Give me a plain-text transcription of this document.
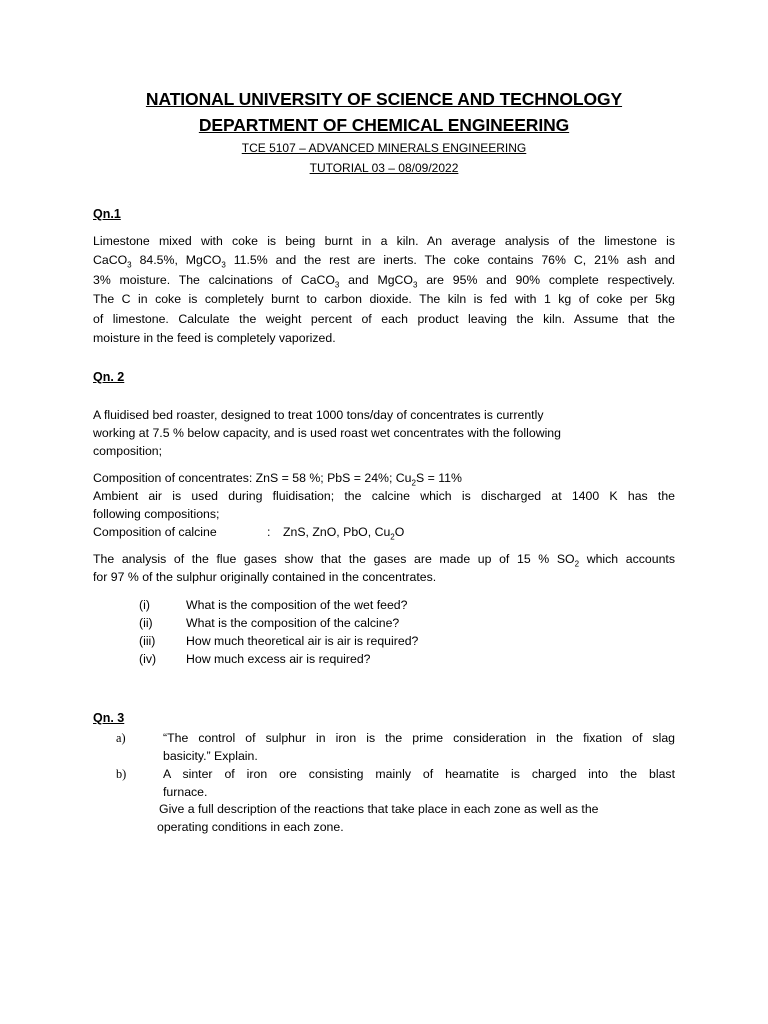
NATIONAL UNIVERSITY OF SCIENCE AND TECHNOLOGY
DEPARTMENT OF CHEMICAL ENGINEERING
TCE 5107 – ADVANCED MINERALS ENGINEERING
TUTORIAL 03 – 08/09/2022
Qn.1
Limestone mixed with coke is being burnt in a kiln. An average analysis of the limestone is
CaCO$_3$ 84.5%, MgCO$_3$ 11.5% and the rest are inerts. The coke contains 76% C, 21% ash and
3% moisture. The calcinations of CaCO$_3$ and MgCO$_3$ are 95% and 90% complete respectively.
The C in coke is completely burnt to carbon dioxide. The kiln is fed with 1 kg of coke per 5kg
of limestone. Calculate the weight percent of each product leaving the kiln. Assume that the
moisture in the feed is completely vaporized.
Qn. 2
A fluidised bed roaster, designed to treat 1000 tons/day of concentrates is currently
working at 7.5 % below capacity, and is used roast wet concentrates with the following
composition;
Composition of concentrates: ZnS = 58 %; PbS = 24%; $Cu_2S = 11\%$
Ambient air is used during fluidisation; the calcine which is discharged at 1400 K has the
following compositions;
Composition of calcine	: ZnS, ZnO, PbO, $Cu_2O$
The analysis of the flue gases show that the gases are made up of 15 % $SO_2$ which accounts
for 97 % of the sulphur originally contained in the concentrates.
(i)	What is the composition of the wet feed?
(ii)	What is the composition of the calcine?
(iii) How much theoretical air is air is required?
(iv) How much excess air is required?
Qn. 3
a)	“The control of sulphur in iron is the prime consideration in the fixation of slag
basicity.” Explain.
b)	A sinter of iron ore consisting mainly of heamatite is charged into the blast
furnace.
Give a full description of the reactions that take place in each zone as well as the
operating conditions in each zone.
